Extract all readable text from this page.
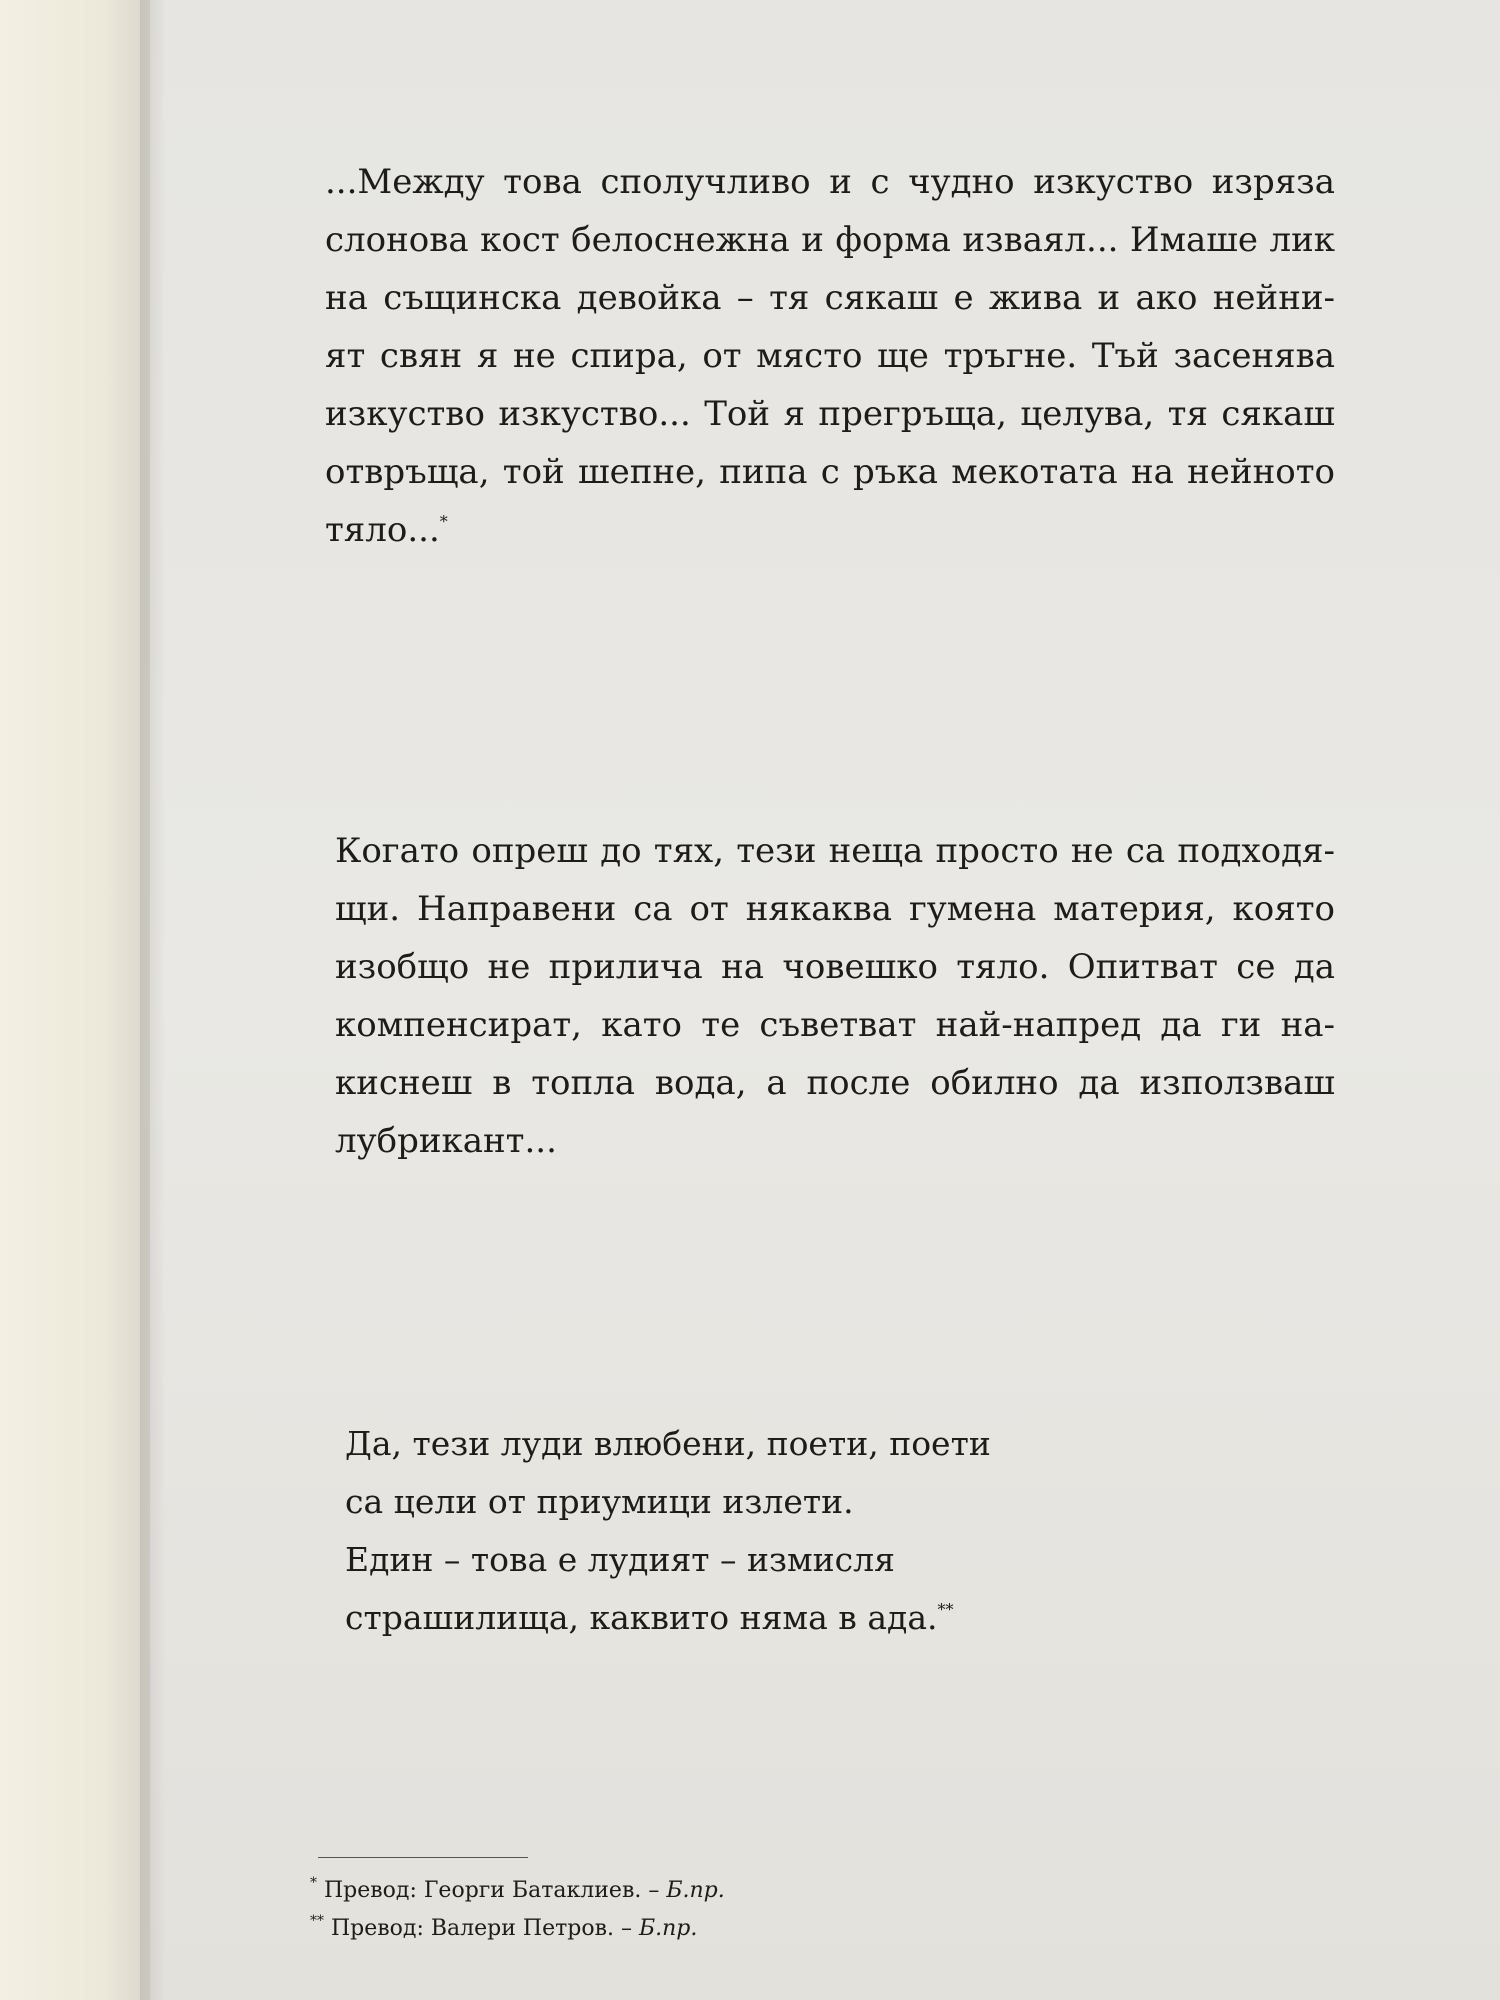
...Между това сполучливо и с чудно изкуство изряза
слонова кост белоснежна и форма изваял... Имаше лик
на същинска девойка – тя сякаш е жива и ако нейни-
ят свян я не спира, от място ще тръгне. Тъй засенява
изкуство изкуство... Той я прегръща, целува, тя сякаш
отвръща, той шепне, пипа с ръка мекотата на нейното
тяло...*
Когато опреш до тях, тези неща просто не са подходя-
щи. Направени са от някаква гумена материя, която
изобщо не прилича на човешко тяло. Опитват се да
компенсират, като те съветват най-напред да ги на-
киснеш в топла вода, а после обилно да използваш
лубрикант...
Да, тези луди влюбени, поети, поети
са цели от приумици излети.
Един – това е лудият – измисля
страшилища, каквито няма в ада.**
* Превод: Георги Батаклиев. – Б.пр.
** Превод: Валери Петров. – Б.пр.
